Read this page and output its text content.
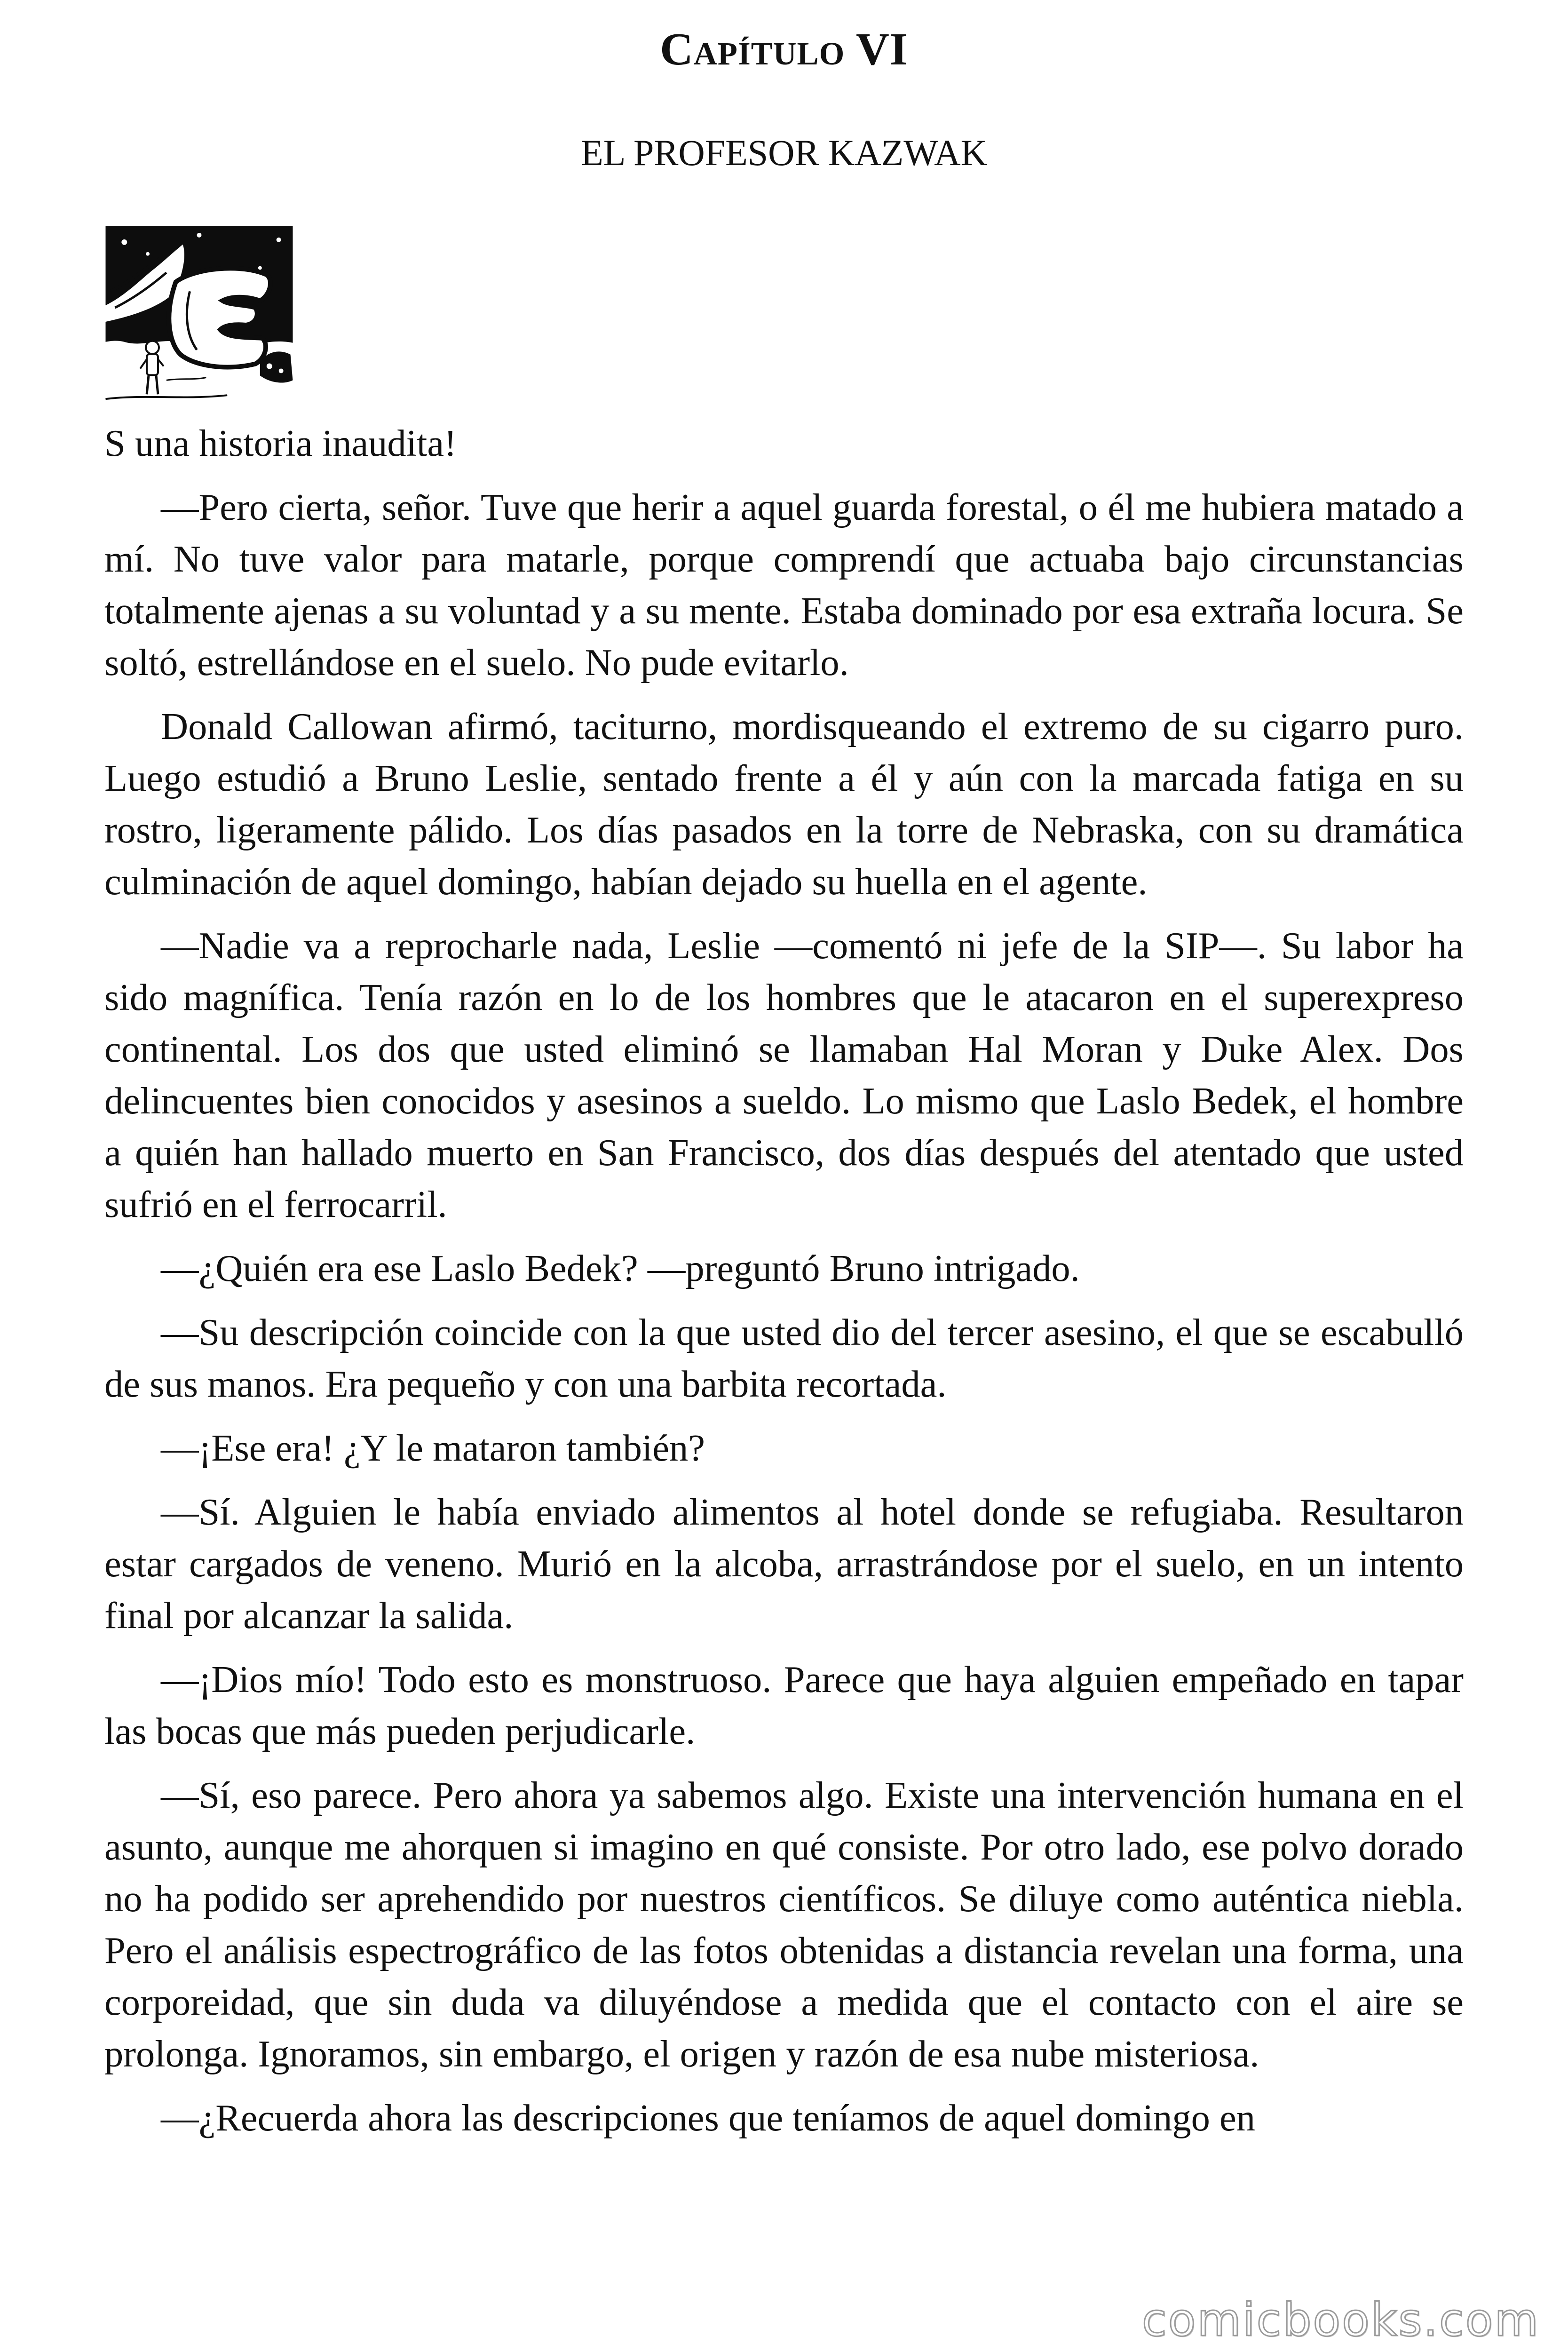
Capítulo VI
EL PROFESOR KAZWAK

S una historia inaudita!

—Pero cierta, señor. Tuve que herir a aquel guarda forestal, o él me hubiera matado a mí. No tuve valor para matarle, porque comprendí que actuaba bajo circunstancias totalmente ajenas a su voluntad y a su mente. Estaba dominado por esa extraña locura. Se soltó, estrellándose en el suelo. No pude evitarlo.

Donald Callowan afirmó, taciturno, mordisqueando el extremo de su cigarro puro. Luego estudió a Bruno Leslie, sentado frente a él y aún con la marcada fatiga en su rostro, ligeramente pálido. Los días pasados en la torre de Nebraska, con su dramática culminación de aquel domingo, habían dejado su huella en el agente.

—Nadie va a reprocharle nada, Leslie —comentó ni jefe de la SIP—. Su labor ha sido magnífica. Tenía razón en lo de los hombres que le atacaron en el superexpreso continental. Los dos que usted eliminó se llamaban Hal Moran y Duke Alex. Dos delincuentes bien conocidos y asesinos a sueldo. Lo mismo que Laslo Bedek, el hombre a quién han hallado muerto en San Francisco, dos días después del atentado que usted sufrió en el ferrocarril.

—¿Quién era ese Laslo Bedek? —preguntó Bruno intrigado.

—Su descripción coincide con la que usted dio del tercer asesino, el que se escabulló de sus manos. Era pequeño y con una barbita recortada.

—¡Ese era! ¿Y le mataron también?

—Sí. Alguien le había enviado alimentos al hotel donde se refugiaba. Resultaron estar cargados de veneno. Murió en la alcoba, arrastrándose por el suelo, en un intento final por alcanzar la salida.

—¡Dios mío! Todo esto es monstruoso. Parece que haya alguien empeñado en tapar las bocas que más pueden perjudicarle.

—Sí, eso parece. Pero ahora ya sabemos algo. Existe una intervención humana en el asunto, aunque me ahorquen si imagino en qué consiste. Por otro lado, ese polvo dorado no ha podido ser aprehendido por nuestros científicos. Se diluye como auténtica niebla. Pero el análisis espectrográfico de las fotos obtenidas a distancia revelan una forma, una corporeidad, que sin duda va diluyéndose a medida que el contacto con el aire se prolonga. Ignoramos, sin embargo, el origen y razón de esa nube misteriosa.

—¿Recuerda ahora las descripciones que teníamos de aquel domingo en

comicbooks.com
